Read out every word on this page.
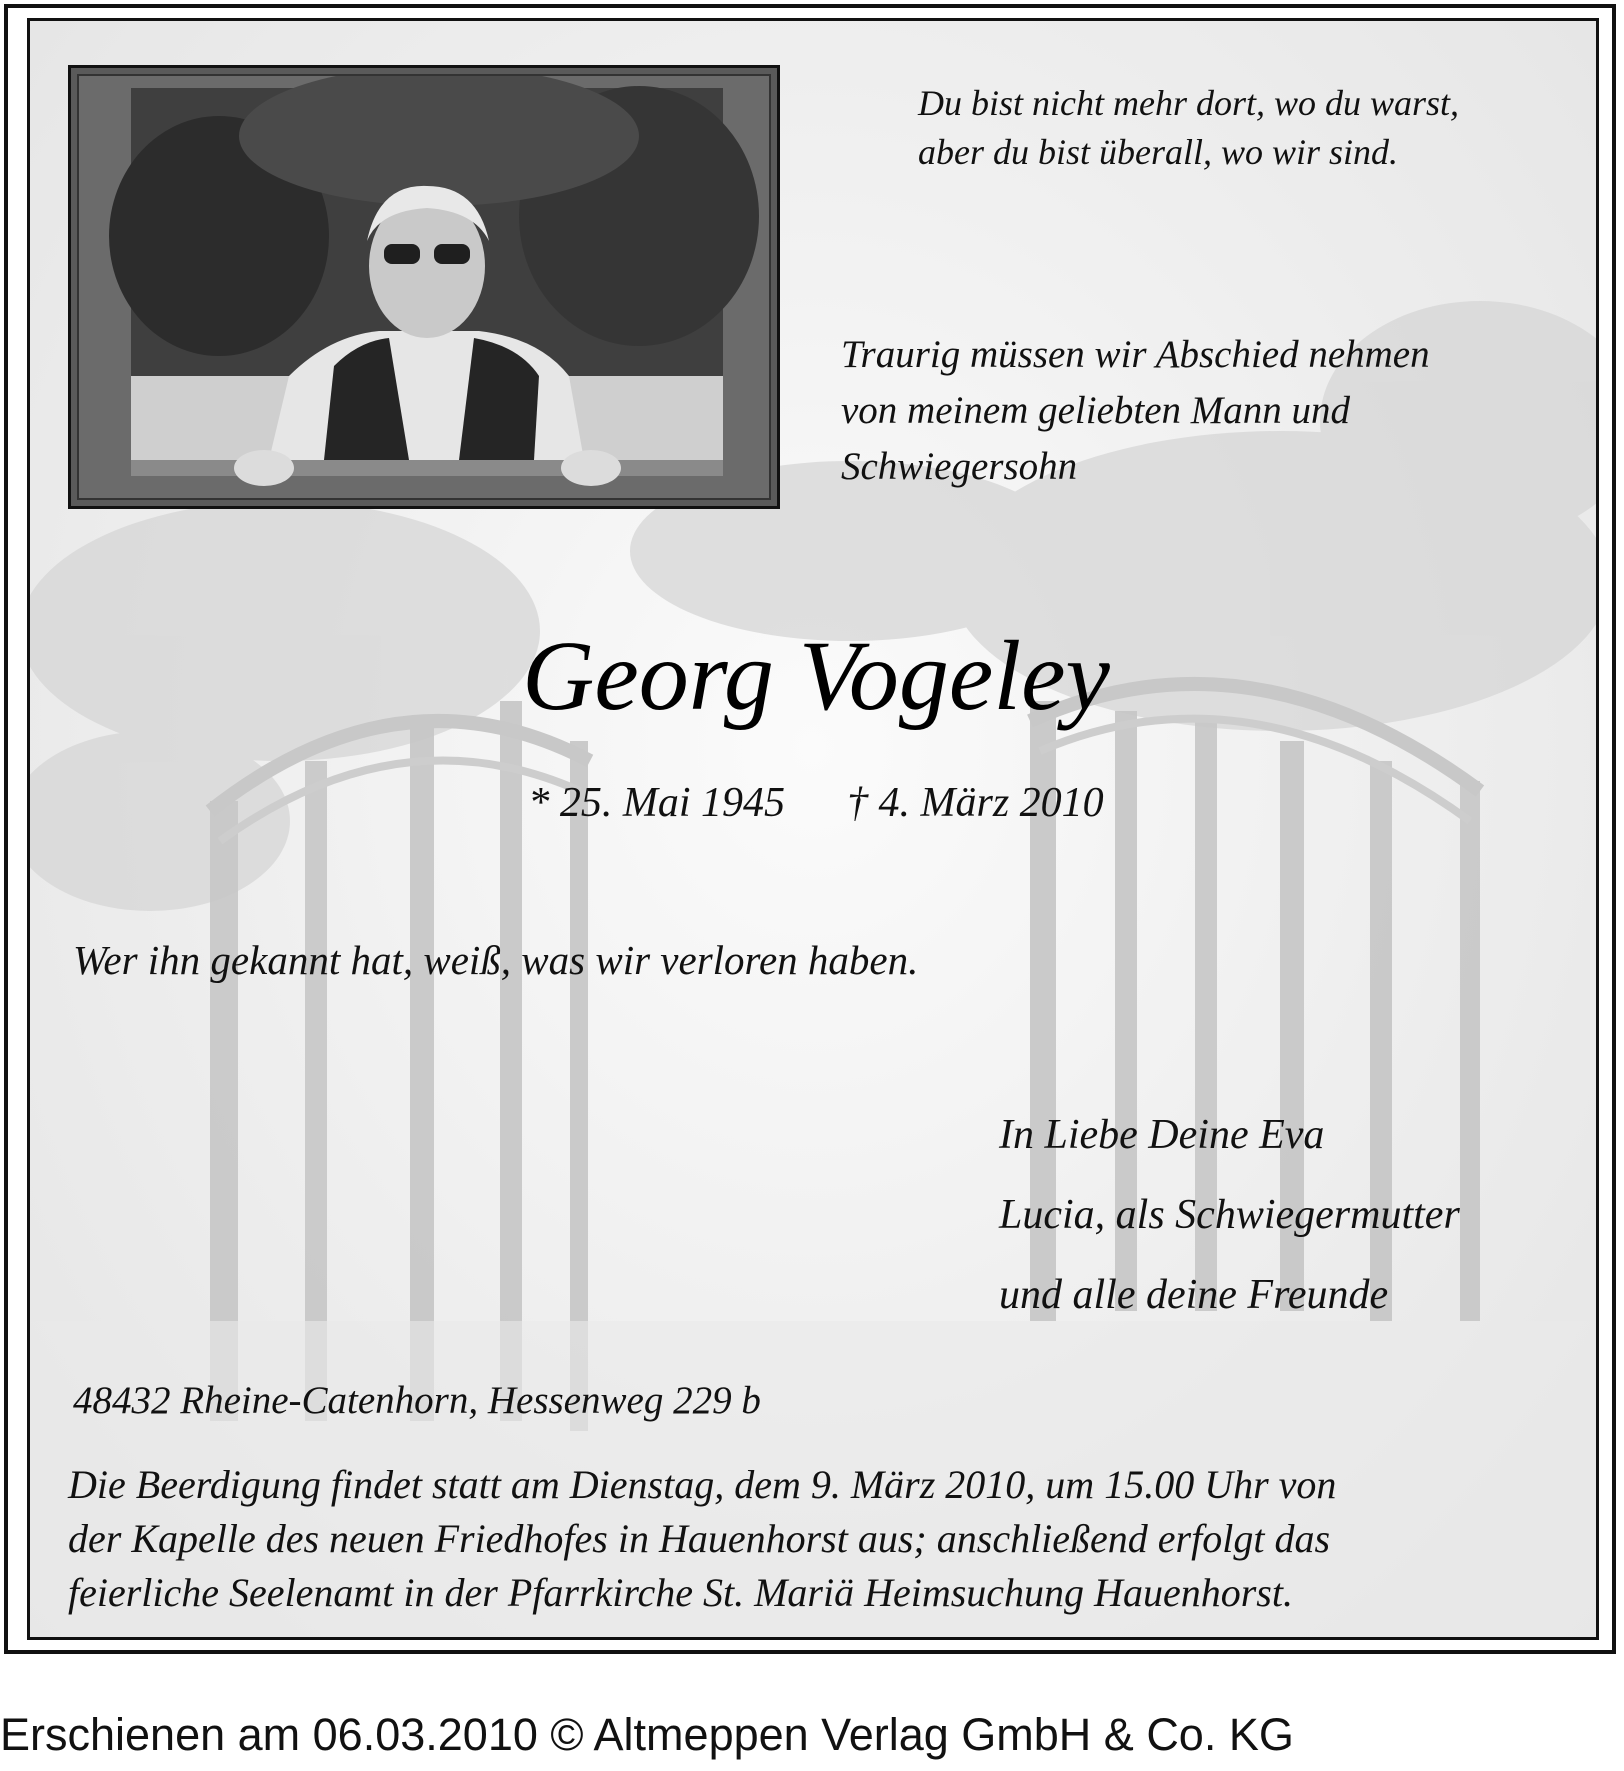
Du bist nicht mehr dort, wo du warst,
aber du bist überall, wo wir sind.
Traurig müssen wir Abschied nehmen
von meinem geliebten Mann und
Schwiegersohn
Georg Vogeley
* 25. Mai 1945 † 4. März 2010
Wer ihn gekannt hat, weiß, was wir verloren haben.
In Liebe Deine Eva
Lucia, als Schwiegermutter
und alle deine Freunde
48432 Rheine-Catenhorn, Hessenweg 229 b
Die Beerdigung findet statt am Dienstag, dem 9. März 2010, um 15.00 Uhr von
der Kapelle des neuen Friedhofes in Hauenhorst aus; anschließend erfolgt das
feierliche Seelenamt in der Pfarrkirche St. Mariä Heimsuchung Hauenhorst.
Erschienen am 06.03.2010 © Altmeppen Verlag GmbH & Co. KG
